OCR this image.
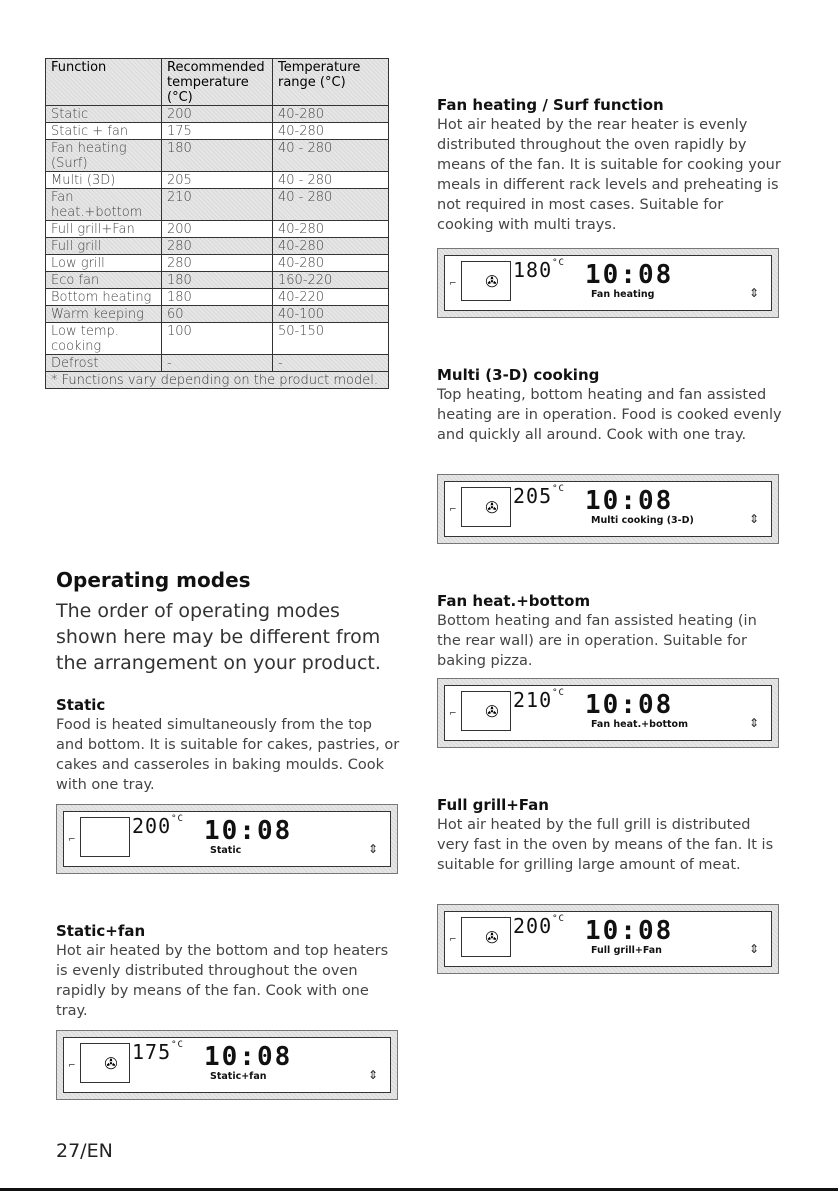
Function	Recommended temperature (°C)	Temperature range (°C)
Static	200	40-280
Static + fan	175	40-280
Fan heating (Surf)	180	40 - 280
Multi (3D)	205	40 - 280
Fan heat.+bottom	210	40 - 280
Full grill+Fan	200	40-280
Full grill	280	40-280
Low grill	280	40-280
Eco fan	180	160-220
Bottom heating	180	40-220
Warm keeping	60	40-100
Low temp. cooking	100	50-150
Defrost	-	-
* Functions vary depending on the product model.		
Operating modes

The order of operating modes shown here may be different from the arrangement on your product.

Static

Food is heated simultaneously from the top and bottom. It is suitable for cakes, pastries, or cakes and casseroles in baking moulds. Cook with one tray.

⌐
$200^{^\circ C}$ 10:08
Static	⇕
Static+fan

Hot air heated by the bottom and top heaters is evenly distributed throughout the oven rapidly by means of the fan. Cook with one tray.

✇
⌐
$175^{^\circ C}$ 10:08
Static+fan	⇕
Fan heating / Surf function

Hot air heated by the rear heater is evenly distributed throughout the oven rapidly by means of the fan. It is suitable for cooking your meals in different rack levels and preheating is not required in most cases. Suitable for cooking with multi trays.

✇
⌐
$180^{^\circ C}$ 10:08
Fan heating	⇕
Multi (3-D) cooking

Top heating, bottom heating and fan assisted heating are in operation. Food is cooked evenly and quickly all around. Cook with one tray.

✇
⌐
$205^{^\circ C}$ 10:08
Multi cooking (3-D)	⇕
Fan heat.+bottom

Bottom heating and fan assisted heating (in the rear wall) are in operation. Suitable for baking pizza.

✇
⌐
$210^{^\circ C}$ 10:08
Fan heat.+bottom	⇕
Full grill+Fan

Hot air heated by the full grill is distributed very fast in the oven by means of the fan. It is suitable for grilling large amount of meat.

✇
⌐
$200^{^\circ C}$ 10:08
Full grill+Fan	⇕
27/EN
